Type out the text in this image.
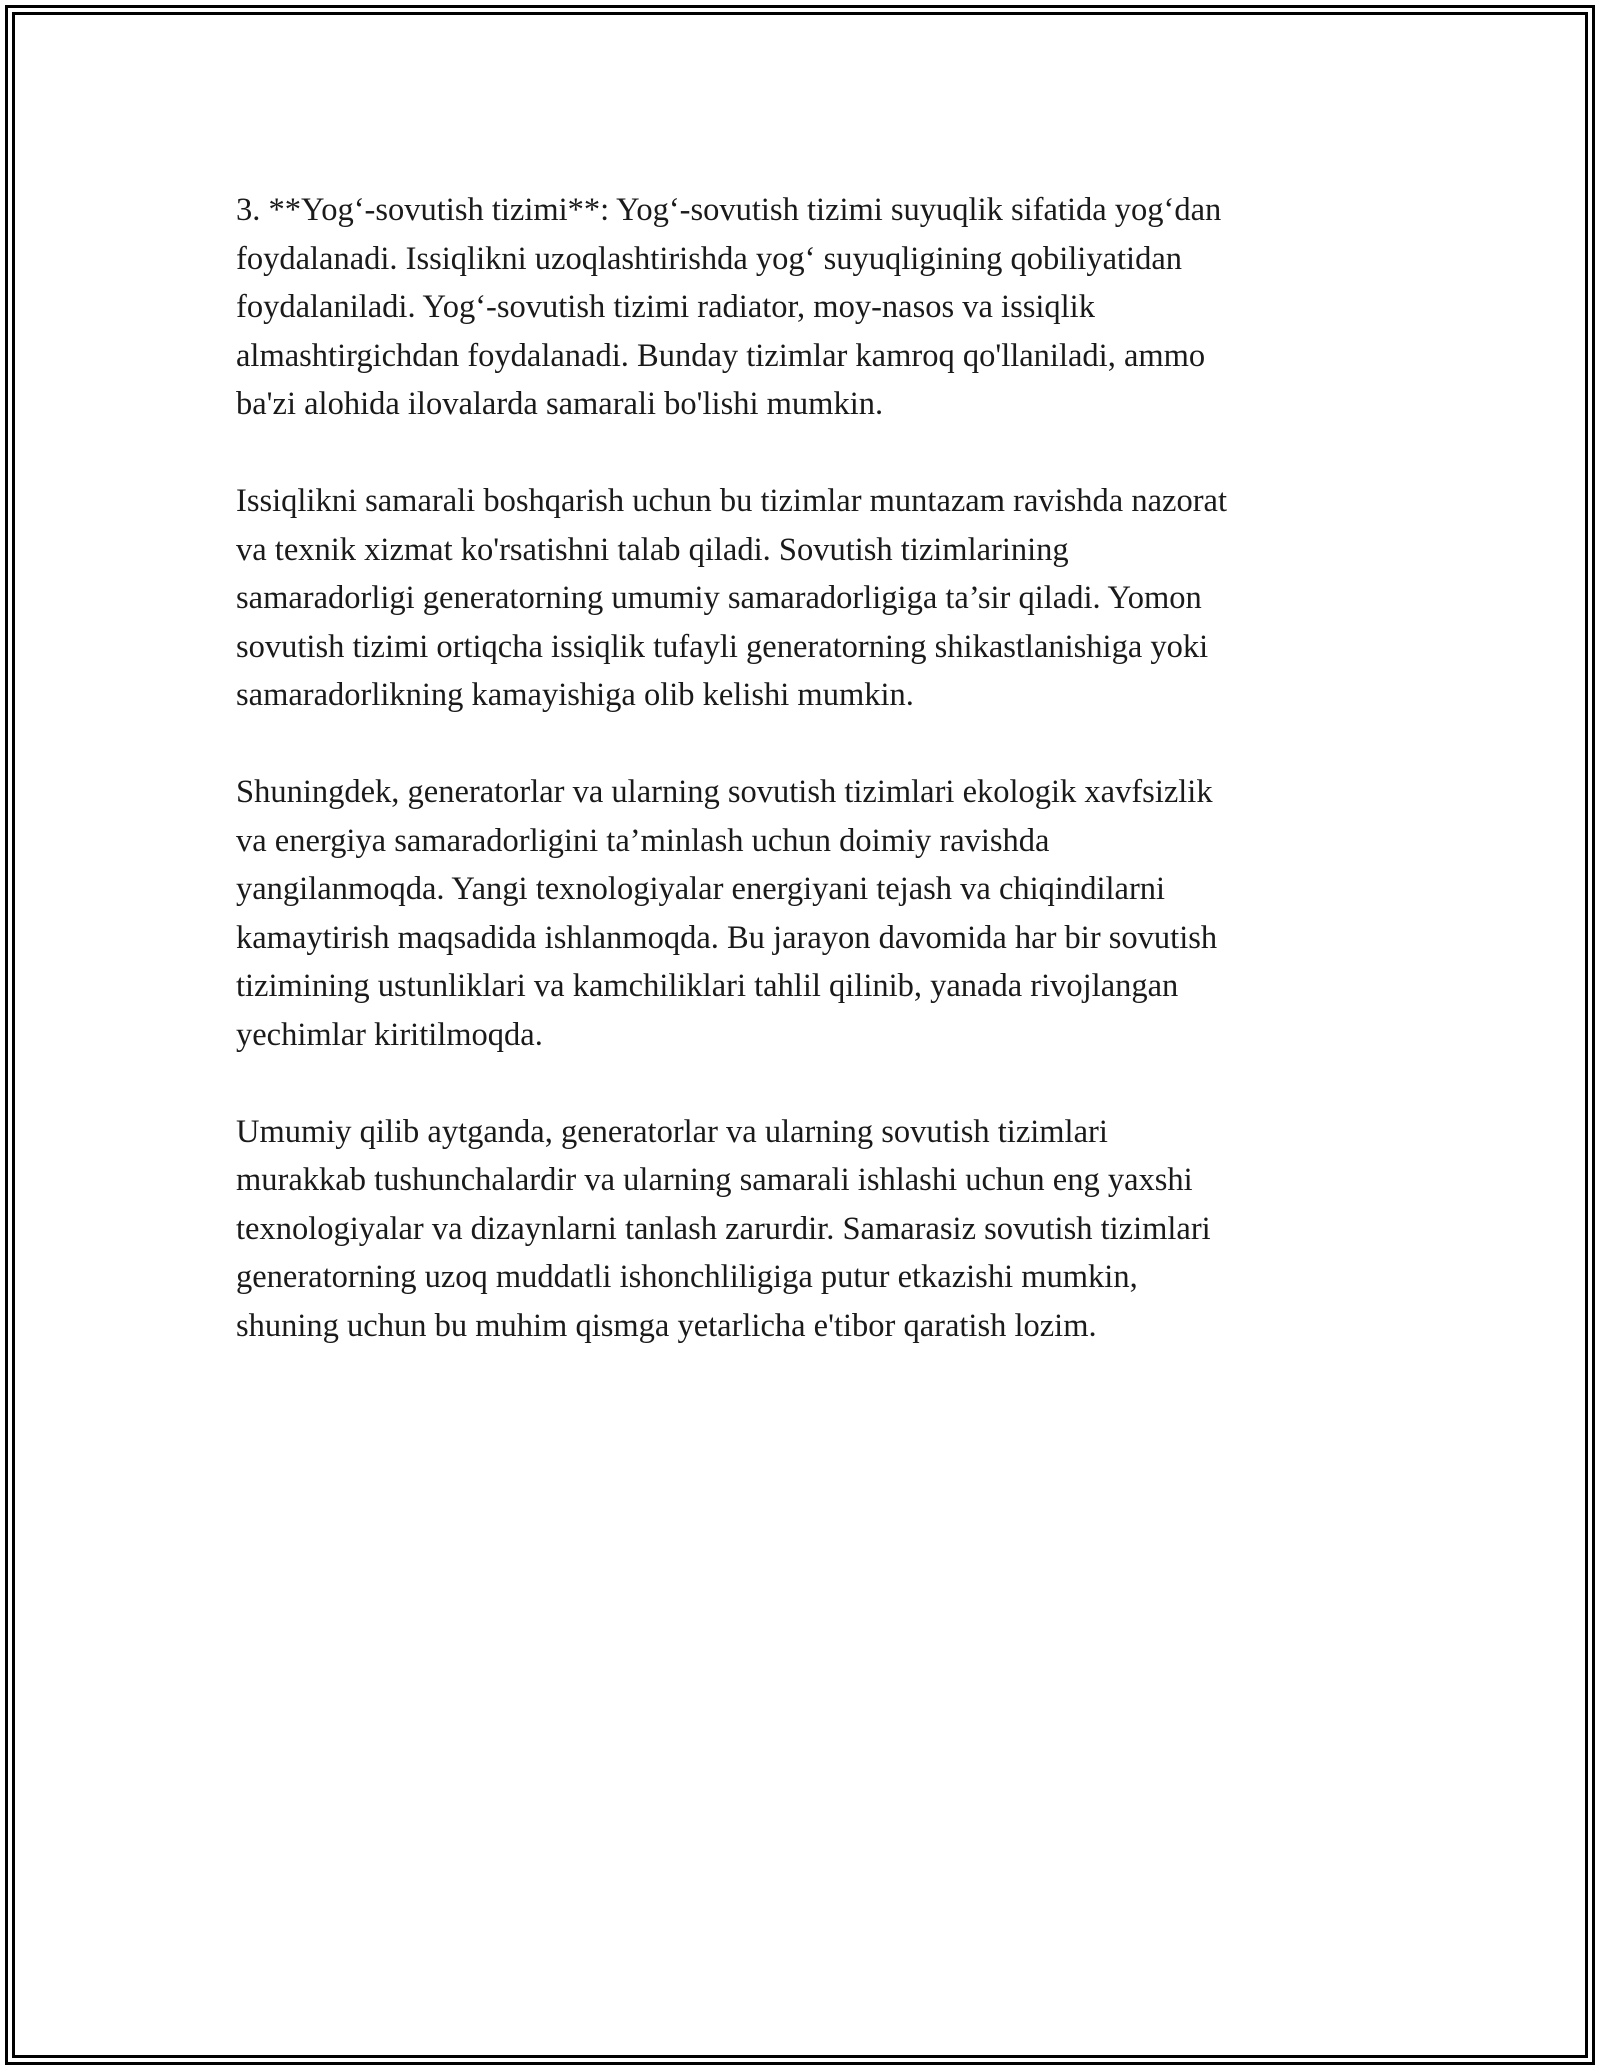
3. **Yog‘-sovutish tizimi**: Yog‘-sovutish tizimi suyuqlik sifatida yog‘dan
foydalanadi. Issiqlikni uzoqlashtirishda yog‘ suyuqligining qobiliyatidan
foydalaniladi. Yog‘-sovutish tizimi radiator, moy-nasos va issiqlik
almashtirgichdan foydalanadi. Bunday tizimlar kamroq qo'llaniladi, ammo
ba'zi alohida ilovalarda samarali bo'lishi mumkin.

Issiqlikni samarali boshqarish uchun bu tizimlar muntazam ravishda nazorat
va texnik xizmat ko'rsatishni talab qiladi. Sovutish tizimlarining
samaradorligi generatorning umumiy samaradorligiga ta’sir qiladi. Yomon
sovutish tizimi ortiqcha issiqlik tufayli generatorning shikastlanishiga yoki
samaradorlikning kamayishiga olib kelishi mumkin.

Shuningdek, generatorlar va ularning sovutish tizimlari ekologik xavfsizlik
va energiya samaradorligini ta’minlash uchun doimiy ravishda
yangilanmoqda. Yangi texnologiyalar energiyani tejash va chiqindilarni
kamaytirish maqsadida ishlanmoqda. Bu jarayon davomida har bir sovutish
tizimining ustunliklari va kamchiliklari tahlil qilinib, yanada rivojlangan
yechimlar kiritilmoqda.

Umumiy qilib aytganda, generatorlar va ularning sovutish tizimlari
murakkab tushunchalardir va ularning samarali ishlashi uchun eng yaxshi
texnologiyalar va dizaynlarni tanlash zarurdir. Samarasiz sovutish tizimlari
generatorning uzoq muddatli ishonchliligiga putur etkazishi mumkin,
shuning uchun bu muhim qismga yetarlicha e'tibor qaratish lozim.
